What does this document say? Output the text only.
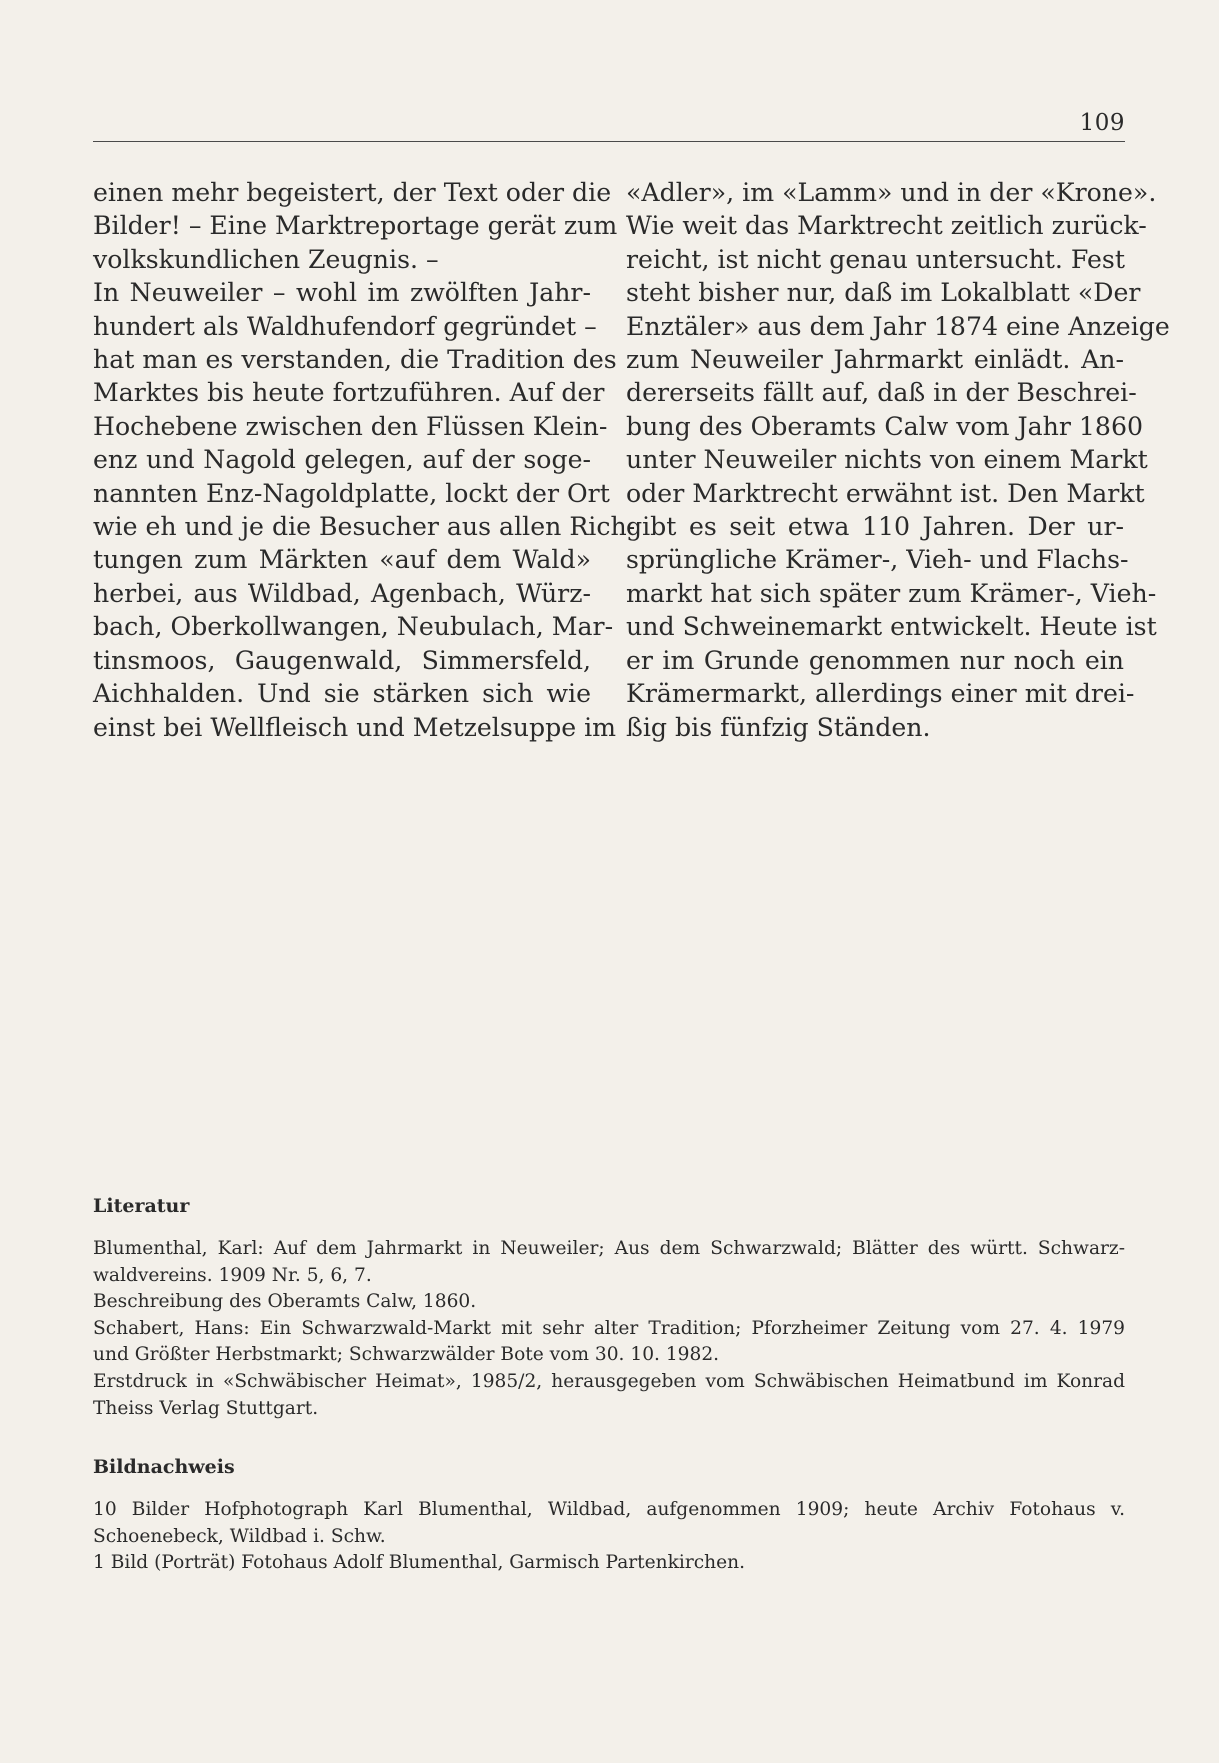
109
einen mehr begeistert, der Text oder die
Bilder! – Eine Marktreportage gerät zum
volkskundlichen Zeugnis. –
In Neuweiler – wohl im zwölften Jahr-
hundert als Waldhufendorf gegründet –
hat man es verstanden, die Tradition des
Marktes bis heute fortzuführen. Auf der
Hochebene zwischen den Flüssen Klein-
enz und Nagold gelegen, auf der soge-
nannten Enz-Nagoldplatte, lockt der Ort
wie eh und je die Besucher aus allen Rich-
tungen zum Märkten «auf dem Wald»
herbei, aus Wildbad, Agenbach, Würz-
bach, Oberkollwangen, Neubulach, Mar-
tinsmoos, Gaugenwald, Simmersfeld,
Aichhalden. Und sie stärken sich wie
einst bei Wellfleisch und Metzelsuppe im
«Adler», im «Lamm» und in der «Krone».
Wie weit das Marktrecht zeitlich zurück-
reicht, ist nicht genau untersucht. Fest
steht bisher nur, daß im Lokalblatt «Der
Enztäler» aus dem Jahr 1874 eine Anzeige
zum Neuweiler Jahrmarkt einlädt. An-
dererseits fällt auf, daß in der Beschrei-
bung des Oberamts Calw vom Jahr 1860
unter Neuweiler nichts von einem Markt
oder Marktrecht erwähnt ist. Den Markt
gibt es seit etwa 110 Jahren. Der ur-
sprüngliche Krämer-, Vieh- und Flachs-
markt hat sich später zum Krämer-, Vieh-
und Schweinemarkt entwickelt. Heute ist
er im Grunde genommen nur noch ein
Krämermarkt, allerdings einer mit drei-
ßig bis fünfzig Ständen.
Literatur
Blumenthal, Karl: Auf dem Jahrmarkt in Neuweiler; Aus dem Schwarzwald; Blätter des württ. Schwarz-
waldvereins. 1909 Nr. 5, 6, 7.
Beschreibung des Oberamts Calw, 1860.
Schabert, Hans: Ein Schwarzwald-Markt mit sehr alter Tradition; Pforzheimer Zeitung vom 27. 4. 1979
und Größter Herbstmarkt; Schwarzwälder Bote vom 30. 10. 1982.
Erstdruck in «Schwäbischer Heimat», 1985/2, herausgegeben vom Schwäbischen Heimatbund im Konrad
Theiss Verlag Stuttgart.
Bildnachweis
10 Bilder Hofphotograph Karl Blumenthal, Wildbad, aufgenommen 1909; heute Archiv Fotohaus v.
Schoenebeck, Wildbad i. Schw.
1 Bild (Porträt) Fotohaus Adolf Blumenthal, Garmisch Partenkirchen.
